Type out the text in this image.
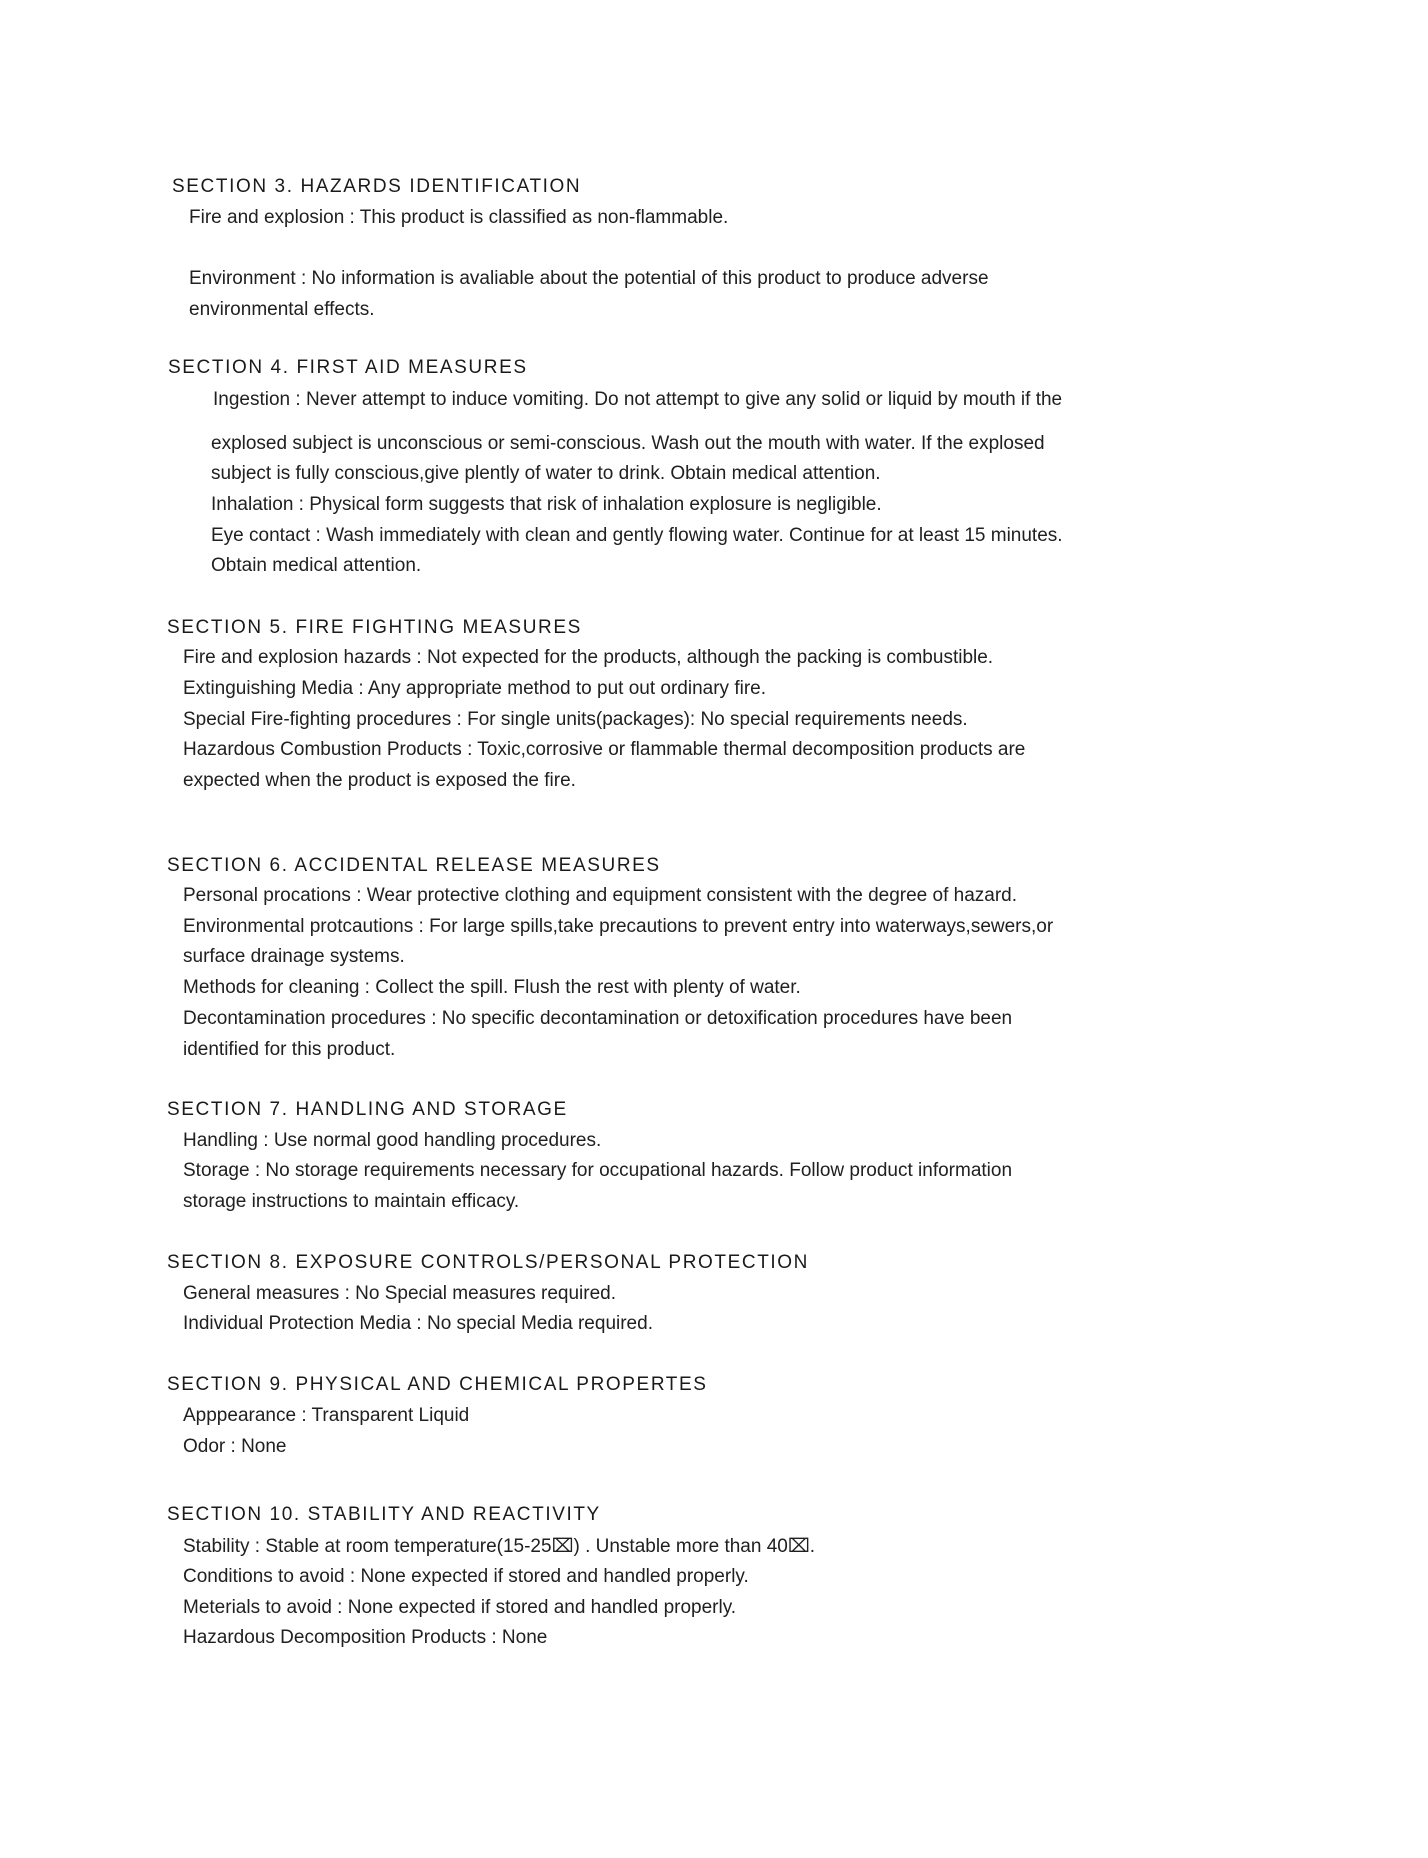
SECTION 3. HAZARDS IDENTIFICATION
Fire and explosion : This product is classified as non-flammable.
Environment : No information is avaliable about the potential of this product to produce adverse
environmental effects.
SECTION 4. FIRST AID MEASURES
Ingestion : Never attempt to induce vomiting. Do not attempt to give any solid or liquid by mouth if the
explosed subject is unconscious or semi-conscious. Wash out the mouth with water. If the explosed
subject is fully conscious,give plently of water to drink. Obtain medical attention.
Inhalation : Physical form suggests that risk of inhalation explosure is negligible.
Eye contact : Wash immediately with clean and gently flowing water. Continue for at least 15 minutes.
Obtain medical attention.
SECTION 5. FIRE FIGHTING MEASURES
Fire and explosion hazards : Not expected for the products, although the packing is combustible.
Extinguishing Media : Any appropriate method to put out ordinary fire.
Special Fire-fighting procedures : For single units(packages): No special requirements needs.
Hazardous Combustion Products : Toxic,corrosive or flammable thermal decomposition products are
expected when the product is exposed the fire.
SECTION 6. ACCIDENTAL RELEASE MEASURES
Personal procations : Wear protective clothing and equipment consistent with the degree of hazard.
Environmental protcautions : For large spills,take precautions to prevent entry into waterways,sewers,or
surface drainage systems.
Methods for cleaning : Collect the spill. Flush the rest with plenty of water.
Decontamination procedures : No specific decontamination or detoxification procedures have been
identified for this product.
SECTION 7. HANDLING AND STORAGE
Handling : Use normal good handling procedures.
Storage : No storage requirements necessary for occupational hazards. Follow product information
storage instructions to maintain efficacy.
SECTION 8. EXPOSURE CONTROLS/PERSONAL PROTECTION
General measures : No Special measures required.
Individual Protection Media : No special Media required.
SECTION 9. PHYSICAL AND CHEMICAL PROPERTES
Apppearance : Transparent Liquid
Odor : None
SECTION 10. STABILITY AND REACTIVITY
Stability : Stable at room temperature(15-25⌧) . Unstable more than 40⌧.
Conditions to avoid : None expected if stored and handled properly.
Meterials to avoid : None expected if stored and handled properly.
Hazardous Decomposition Products : None
